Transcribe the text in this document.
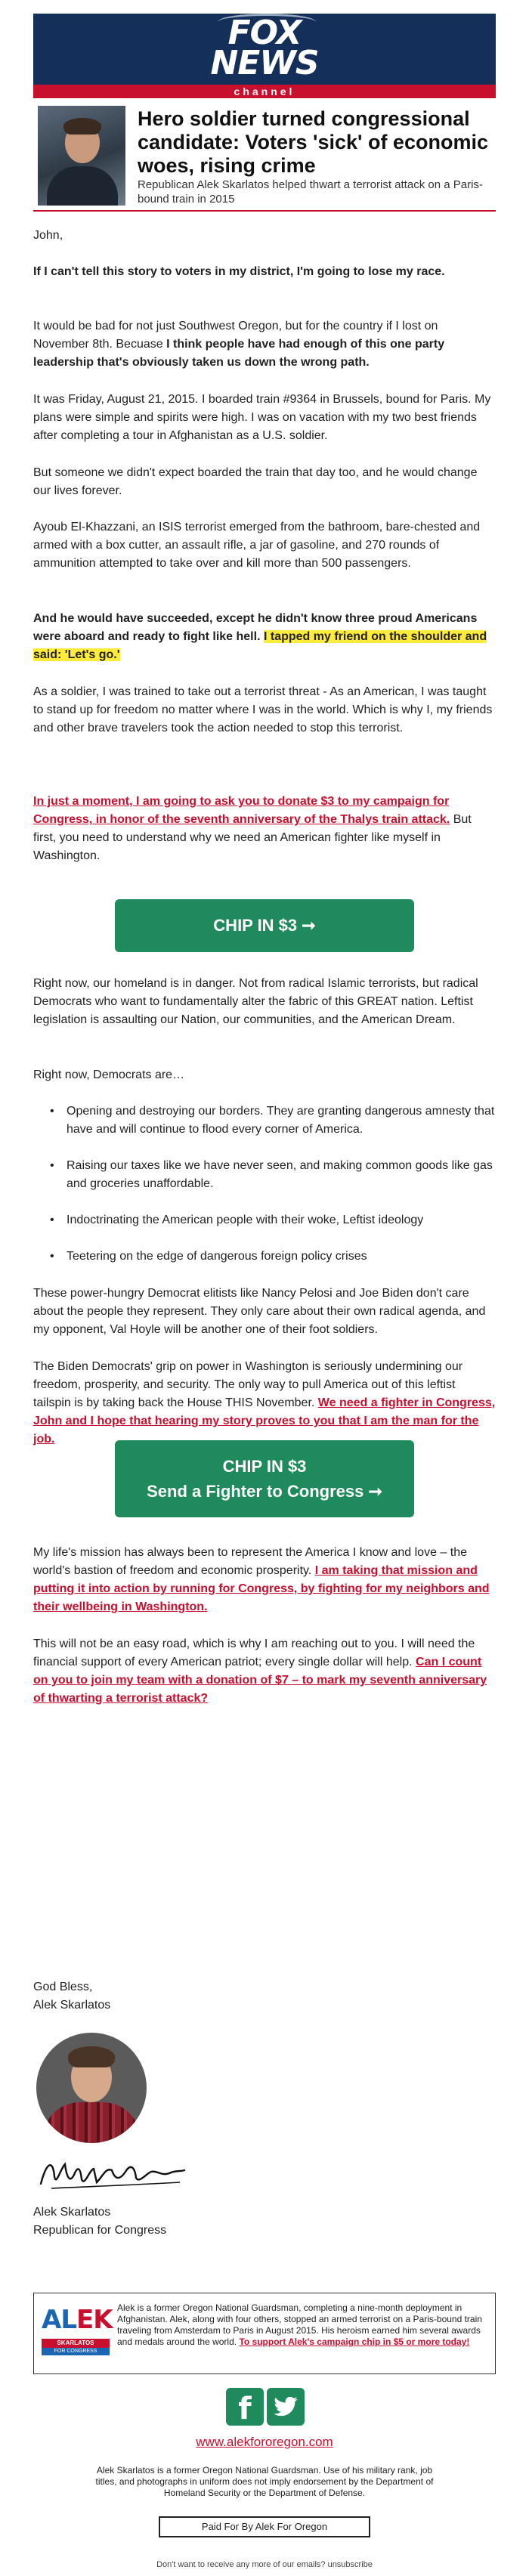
FOX
NEWS
channel
Hero soldier turned congressional candidate: Voters 'sick' of economic woes, rising crime
Republican Alek Skarlatos helped thwart a terrorist attack on a Paris-bound train in 2015
John,
If I can't tell this story to voters in my district, I'm going to lose my race.
It would be bad for not just Southwest Oregon, but for the country if I lost on November 8th. Becuase I think people have had enough of this one party leadership that's obviously taken us down the wrong path.
It was Friday, August 21, 2015. I boarded train #9364 in Brussels, bound for Paris. My plans were simple and spirits were high. I was on vacation with my two best friends after completing a tour in Afghanistan as a U.S. soldier.
But someone we didn't expect boarded the train that day too, and he would change our lives forever.
Ayoub El-Khazzani, an ISIS terrorist emerged from the bathroom, bare-chested and armed with a box cutter, an assault rifle, a jar of gasoline, and 270 rounds of ammunition attempted to take over and kill more than 500 passengers.
And he would have succeeded, except he didn't know three proud Americans were aboard and ready to fight like hell. I tapped my friend on the shoulder and said: 'Let's go.'
As a soldier, I was trained to take out a terrorist threat - As an American, I was taught to stand up for freedom no matter where I was in the world. Which is why I, my friends and other brave travelers took the action needed to stop this terrorist.
In just a moment, I am going to ask you to donate $3 to my campaign for Congress, in honor of the seventh anniversary of the Thalys train attack. But first, you need to understand why we need an American fighter like myself in Washington.
CHIP IN $3 ➞
Right now, our homeland is in danger. Not from radical Islamic terrorists, but radical Democrats who want to fundamentally alter the fabric of this GREAT nation. Leftist legislation is assaulting our Nation, our communities, and the American Dream.
Right now, Democrats are…
• Opening and destroying our borders. They are granting dangerous amnesty that have and will continue to flood every corner of America.
• Raising our taxes like we have never seen, and making common goods like gas and groceries unaffordable.
• Indoctrinating the American people with their woke, Leftist ideology
• Teetering on the edge of dangerous foreign policy crises
These power-hungry Democrat elitists like Nancy Pelosi and Joe Biden don't care about the people they represent. They only care about their own radical agenda, and my opponent, Val Hoyle will be another one of their foot soldiers.
The Biden Democrats' grip on power in Washington is seriously undermining our freedom, prosperity, and security. The only way to pull America out of this leftist tailspin is by taking back the House THIS November. We need a fighter in Congress, John and I hope that hearing my story proves to you that I am the man for the job.
CHIP IN $3
Send a Fighter to Congress ➞
My life's mission has always been to represent the America I know and love – the world's bastion of freedom and economic prosperity. I am taking that mission and putting it into action by running for Congress, by fighting for my neighbors and their wellbeing in Washington.
This will not be an easy road, which is why I am reaching out to you. I will need the financial support of every American patriot; every single dollar will help. Can I count on you to join my team with a donation of $7 – to mark my seventh anniversary of thwarting a terrorist attack?
God Bless,
Alek Skarlatos
Alek Skarlatos
Republican for Congress
ALEK
SKARLATOS
FOR CONGRESS
Alek is a former Oregon National Guardsman, completing a nine-month deployment in Afghanistan. Alek, along with four others, stopped an armed terrorist on a Paris-bound train traveling from Amsterdam to Paris in August 2015. His heroism earned him several awards and medals around the world. To support Alek's campaign chip in $5 or more today!
f
www.alekfororegon.com
Alek Skarlatos is a former Oregon National Guardsman. Use of his military rank, job titles, and photographs in uniform does not imply endorsement by the Department of Homeland Security or the Department of Defense.
Paid For By Alek For Oregon
Don't want to receive any more of our emails? unsubscribe
